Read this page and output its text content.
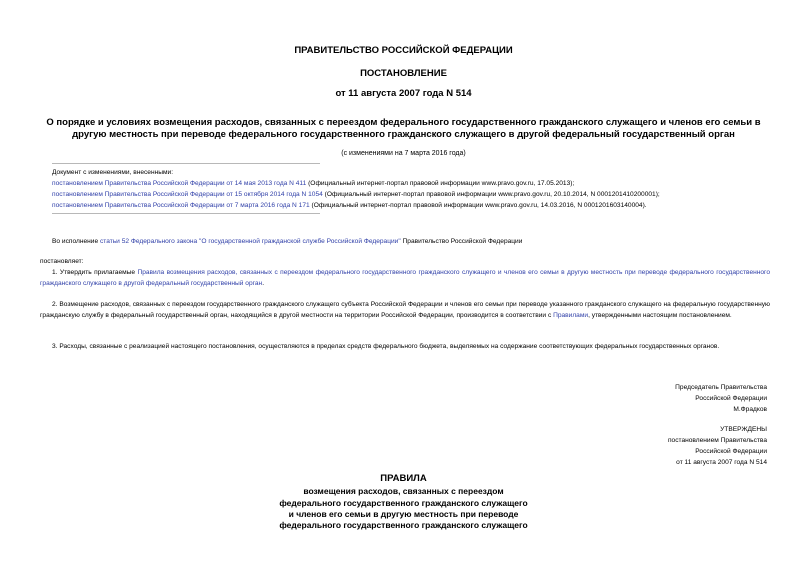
ПРАВИТЕЛЬСТВО РОССИЙСКОЙ ФЕДЕРАЦИИ
ПОСТАНОВЛЕНИЕ
от 11 августа 2007 года N 514
О порядке и условиях возмещения расходов, связанных с переездом федерального государственного гражданского служащего и членов его семьи в другую местность при переводе федерального государственного гражданского служащего в другой федеральный государственный орган
(с изменениями на 7 марта 2016 года)
Документ с изменениями, внесенными:
постановлением Правительства Российской Федерации от 14 мая 2013 года N 411 (Официальный интернет-портал правовой информации www.pravo.gov.ru, 17.05.2013);
постановлением Правительства Российской Федерации от 15 октября 2014 года N 1054 (Официальный интернет-портал правовой информации www.pravo.gov.ru, 20.10.2014, N 0001201410200001);
постановлением Правительства Российской Федерации от 7 марта 2016 года N 171 (Официальный интернет-портал правовой информации www.pravo.gov.ru, 14.03.2016, N 0001201603140004).
Во исполнение статьи 52 Федерального закона "О государственной гражданской службе Российской Федерации" Правительство Российской Федерации
постановляет:
1. Утвердить прилагаемые Правила возмещения расходов, связанных с переездом федерального государственного гражданского служащего и членов его семьи в другую местность при переводе федерального государственного гражданского служащего в другой федеральный государственный орган.
2. Возмещение расходов, связанных с переездом государственного гражданского служащего субъекта Российской Федерации и членов его семьи при переводе указанного гражданского служащего на федеральную государственную гражданскую службу в федеральный государственный орган, находящийся в другой местности на территории Российской Федерации, производится в соответствии с Правилами, утвержденными настоящим постановлением.
3. Расходы, связанные с реализацией настоящего постановления, осуществляются в пределах средств федерального бюджета, выделяемых на содержание соответствующих федеральных государственных органов.
Председатель Правительства
Российской Федерации
М.Фрадков
УТВЕРЖДЕНЫ
постановлением Правительства
Российской Федерации
от 11 августа 2007 года N 514
ПРАВИЛА
возмещения расходов, связанных с переездом
федерального государственного гражданского служащего
и членов его семьи в другую местность при переводе
федерального государственного гражданского служащего
